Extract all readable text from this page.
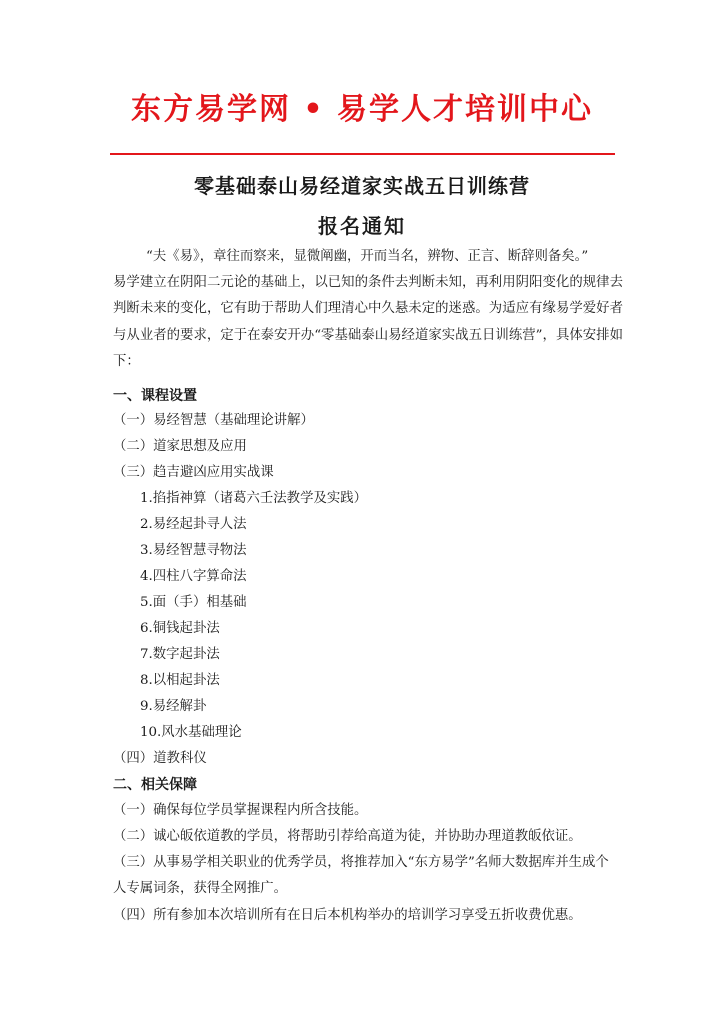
东方易学网 • 易学人才培训中心
零基础泰山易经道家实战五日训练营
报名通知

“夫《易》，章往而察来，显微阐幽，开而当名，辨物、正言、断辞则备矣。”

易学建立在阴阳二元论的基础上，以已知的条件去判断未知，再利用阴阳变化的规律去判断未来的变化，它有助于帮助人们理清心中久悬未定的迷惑。为适应有缘易学爱好者与从业者的要求，定于在泰安开办“零基础泰山易经道家实战五日训练营”，具体安排如下：

一、课程设置
（一）易经智慧（基础理论讲解）
（二）道家思想及应用
（三）趋吉避凶应用实战课
1.掐指神算（诸葛六壬法教学及实践）
2.易经起卦寻人法
3.易经智慧寻物法
4.四柱八字算命法
5.面（手）相基础
6.铜钱起卦法
7.数字起卦法
8.以相起卦法
9.易经解卦
10.风水基础理论
（四）道教科仪
二、相关保障
（一）确保每位学员掌握课程内所含技能。
（二）诚心皈依道教的学员，将帮助引荐给高道为徒，并协助办理道教皈依证。
（三）从事易学相关职业的优秀学员，将推荐加入“东方易学”名师大数据库并生成个人专属词条，获得全网推广。
（四）所有参加本次培训所有在日后本机构举办的培训学习享受五折收费优惠。
